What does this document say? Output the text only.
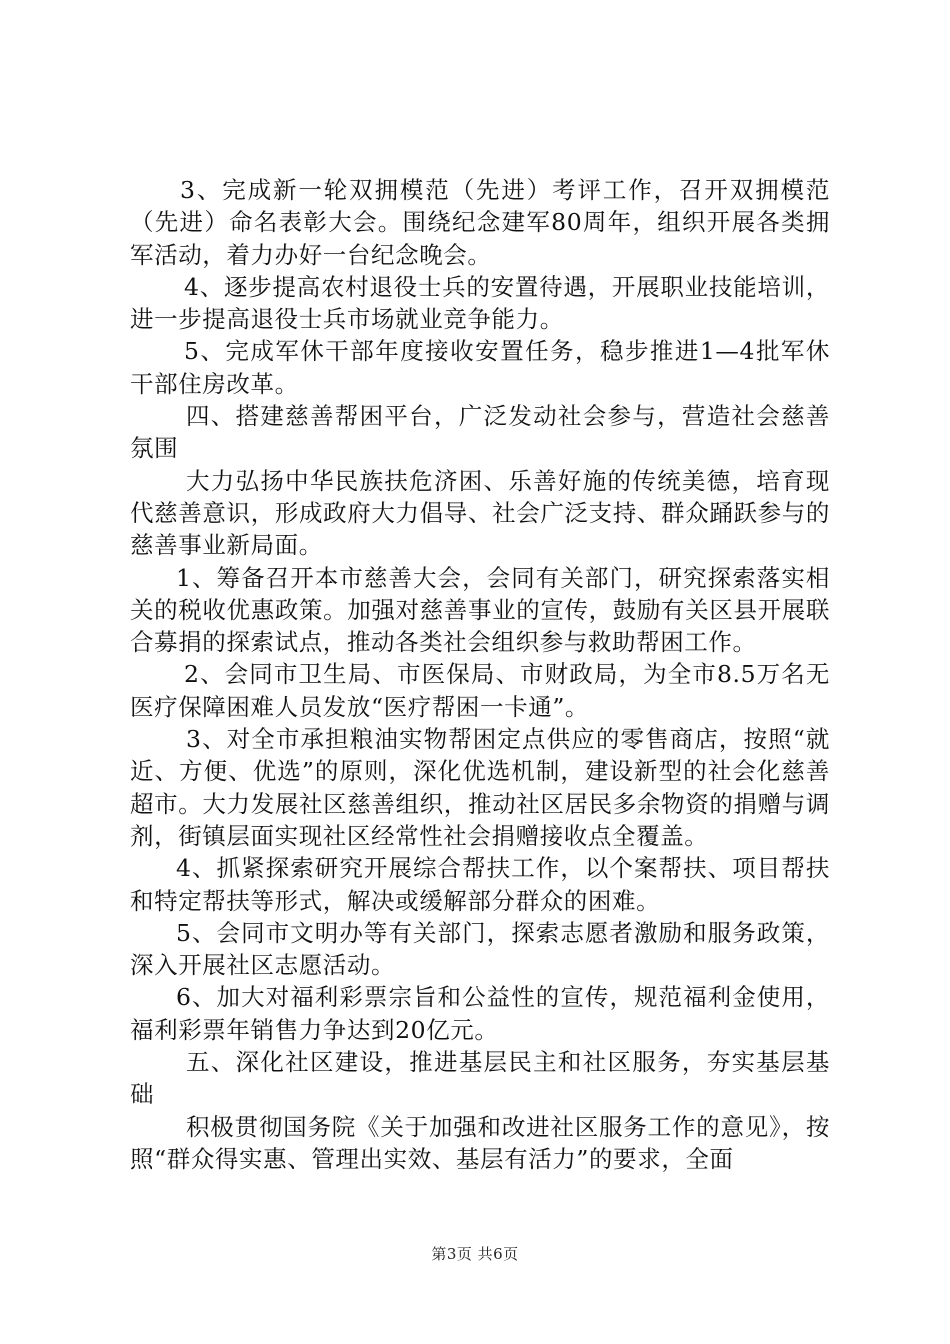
3、完成新一轮双拥模范（先进）考评工作，召开双拥模范（先进）命名表彰大会。围绕纪念建军80周年，组织开展各类拥军活动，着力办好一台纪念晚会。

4、逐步提高农村退役士兵的安置待遇，开展职业技能培训，进一步提高退役士兵市场就业竞争能力。

5、完成军休干部年度接收安置任务，稳步推进1—4批军休干部住房改革。

四、搭建慈善帮困平台，广泛发动社会参与，营造社会慈善氛围

大力弘扬中华民族扶危济困、乐善好施的传统美德，培育现代慈善意识，形成政府大力倡导、社会广泛支持、群众踊跃参与的慈善事业新局面。

1、筹备召开本市慈善大会，会同有关部门，研究探索落实相关的税收优惠政策。加强对慈善事业的宣传，鼓励有关区县开展联合募捐的探索试点，推动各类社会组织参与救助帮困工作。

2、会同市卫生局、市医保局、市财政局，为全市8.5万名无医疗保障困难人员发放“医疗帮困一卡通”。

3、对全市承担粮油实物帮困定点供应的零售商店，按照“就近、方便、优选”的原则，深化优选机制，建设新型的社会化慈善超市。大力发展社区慈善组织，推动社区居民多余物资的捐赠与调剂，街镇层面实现社区经常性社会捐赠接收点全覆盖。

4、抓紧探索研究开展综合帮扶工作，以个案帮扶、项目帮扶和特定帮扶等形式，解决或缓解部分群众的困难。

5、会同市文明办等有关部门，探索志愿者激励和服务政策，深入开展社区志愿活动。

6、加大对福利彩票宗旨和公益性的宣传，规范福利金使用，福利彩票年销售力争达到20亿元。

五、深化社区建设，推进基层民主和社区服务，夯实基层基础

积极贯彻国务院《关于加强和改进社区服务工作的意见》，按照“群众得实惠、管理出实效、基层有活力”的要求，全面

第3页 共6页
